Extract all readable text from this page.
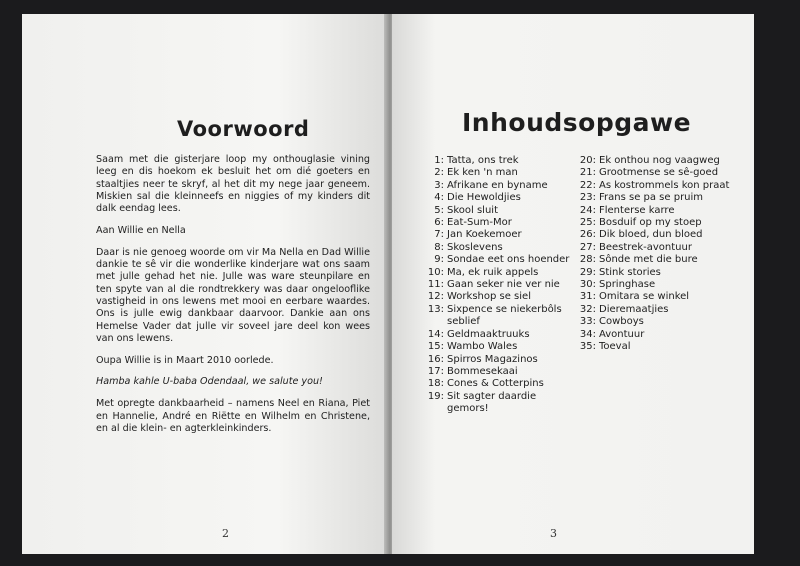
Voorwoord

Saam met die gisterjare loop my onthouglasie vining leeg en dis hoekom ek besluit het om dié goeters en staaltjies neer te skryf, al het dit my nege jaar geneem. Miskien sal die kleinneefs en niggies of my kinders dit dalk eendag lees.

Aan Willie en Nella

Daar is nie genoeg woorde om vir Ma Nella en Dad Willie dankie te sê vir die wonderlike kinderjare wat ons saam met julle gehad het nie. Julle was ware steunpilare en ten spyte van al die rondtrekkery was daar ongelooflike vastigheid in ons lewens met mooi en eerbare waardes. Ons is julle ewig dankbaar daarvoor. Dankie aan ons Hemelse Vader dat julle vir soveel jare deel kon wees van ons lewens.

Oupa Willie is in Maart 2010 oorlede.

Hamba kahle U-baba Odendaal, we salute you!

Met opregte dankbaarheid – namens Neel en Riana, Piet en Hannelie, André en Riëtte en Wilhelm en Christene, en al die klein- en agterkleinkinders.

2
Inhoudsopgawe
1: Tatta, ons trek
2: Ek ken 'n man
3: Afrikane en byname
4: Die Hewoldjies
5: Skool sluit
6: Eat-Sum-Mor
7: Jan Koekemoer
8: Skoslevens
9: Sondae eet ons hoender
10: Ma, ek ruik appels
11: Gaan seker nie ver nie
12: Workshop se siel
13: Sixpence se niekerbôls seblief
14: Geldmaaktruuks
15: Wambo Wales
16: Spirros Magazinos
17: Bommesekaai
18: Cones & Cotterpins
19: Sit sagter daardie gemors!
20: Ek onthou nog vaagweg
21: Grootmense se sê-goed
22: As kostrommels kon praat
23: Frans se pa se pruim
24: Flenterse karre
25: Bosduif op my stoep
26: Dik bloed, dun bloed
27: Beestrek-avontuur
28: Sônde met die bure
29: Stink stories
30: Springhase
31: Omitara se winkel
32: Dieremaatjies
33: Cowboys
34: Avontuur
35: Toeval
3
